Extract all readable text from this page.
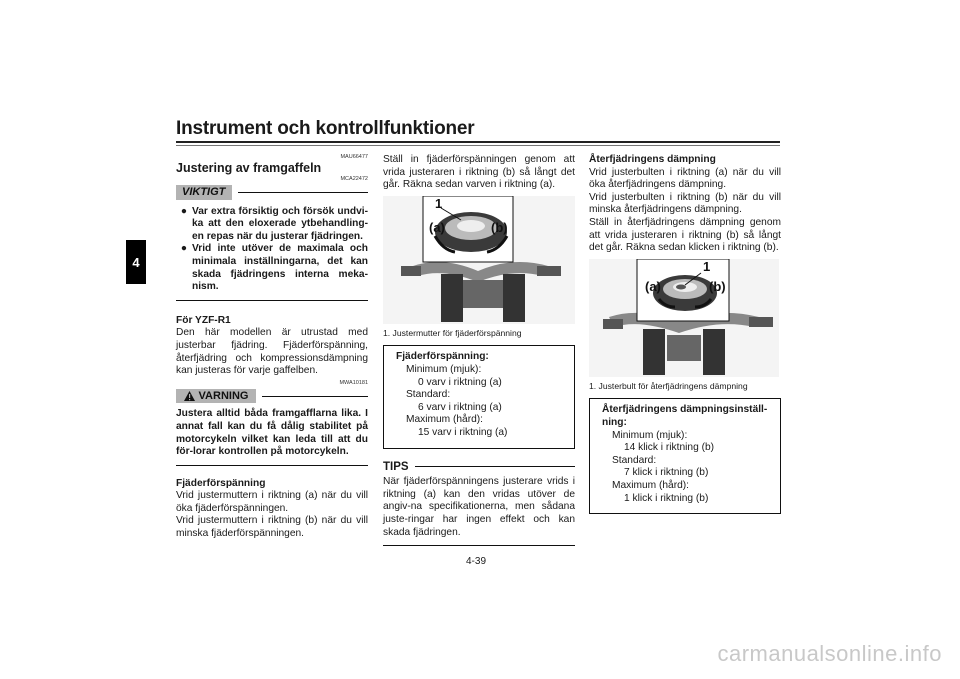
Instrument och kontrollfunktioner
4
MAU66477
Justering av framgaffeln
MCA22472
VIKTIGT
● Var extra försiktig och försök undvi-ka att den eloxerade ytbehandling-en repas när du justerar fjädringen.
● Vrid inte utöver de maximala och minimala inställningarna, det kan skada fjädringens interna meka-nism.
För YZF-R1

Den här modellen är utrustad med justerbar fjädring. Fjäderförspänning, återfjädring och kompressionsdämpning kan justeras för varje gaffelben.

MWA10181
VARNING

Justera alltid båda framgafflarna lika. I annat fall kan du få dålig stabilitet på motorcykeln vilket kan leda till att du för-lorar kontrollen på motorcykeln.

Fjäderförspänning

Vrid justermuttern i riktning (a) när du vill öka fjäderförspänningen.

Vrid justermuttern i riktning (b) när du vill minska fjäderförspänningen.

Ställ in fjäderförspänningen genom att vrida justeraren i riktning (b) så långt det går. Räkna sedan varven i riktning (a).

1
(a)	(b)
1. Justermutter för fjäderförspänning
Fjäderförspänning:
Minimum (mjuk):
0 varv i riktning (a)
Standard:
6 varv i riktning (a)
Maximum (hård):
15 varv i riktning (a)
TIPS

När fjäderförspänningens justerare vrids i riktning (a) kan den vridas utöver de angiv-na specifikationerna, men sådana juste-ringar har ingen effekt och kan skada fjädringen.

Återfjädringens dämpning

Vrid justerbulten i riktning (a) när du vill öka återfjädringens dämpning.

Vrid justerbulten i riktning (b) när du vill minska återfjädringens dämpning.

Ställ in återfjädringens dämpning genom att vrida justeraren i riktning (b) så långt det går. Räkna sedan klicken i riktning (b).

1
(a)	(b)
1. Justerbult för återfjädringens dämpning
Återfjädringens dämpningsinställ-ning:
Minimum (mjuk):
14 klick i riktning (b)
Standard:
7 klick i riktning (b)
Maximum (hård):
1 klick i riktning (b)
4-39
carmanualsonline.info
